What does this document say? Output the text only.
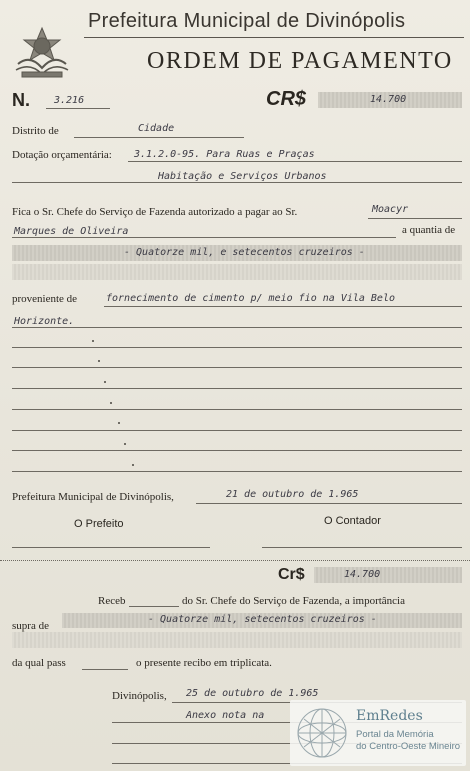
Prefeitura Municipal de Divinópolis
ORDEM DE PAGAMENTO
N. 3.216	CR$	14.700
Distrito de	Cidade
Dotação orçamentária: 3.1.2.0-95. Para Ruas e Praças
Habitação e Serviços Urbanos
Fica o Sr. Chefe do Serviço de Fazenda autorizado a pagar ao Sr.	Moacyr
Marques de Oliveira	a quantia de
- Quatorze mil, e setecentos cruzeiros -
proveniente de	fornecimento de cimento p/ meio fio na Vila Belo
Horizonte.
Prefeitura Municipal de Divinópolis,	21 de outubro de 1.965
O Prefeito	O Contador
Cr$	14.700
Receb	do Sr. Chefe do Serviço de Fazenda, a importância
supra de
- Quatorze mil, setecentos cruzeiros -
da qual pass	o presente recibo em triplicata.
Divinópolis, 25 de outubro de 1.965
Anexo nota na	EmRedes
Portal da Memória
do Centro-Oeste Mineiro
